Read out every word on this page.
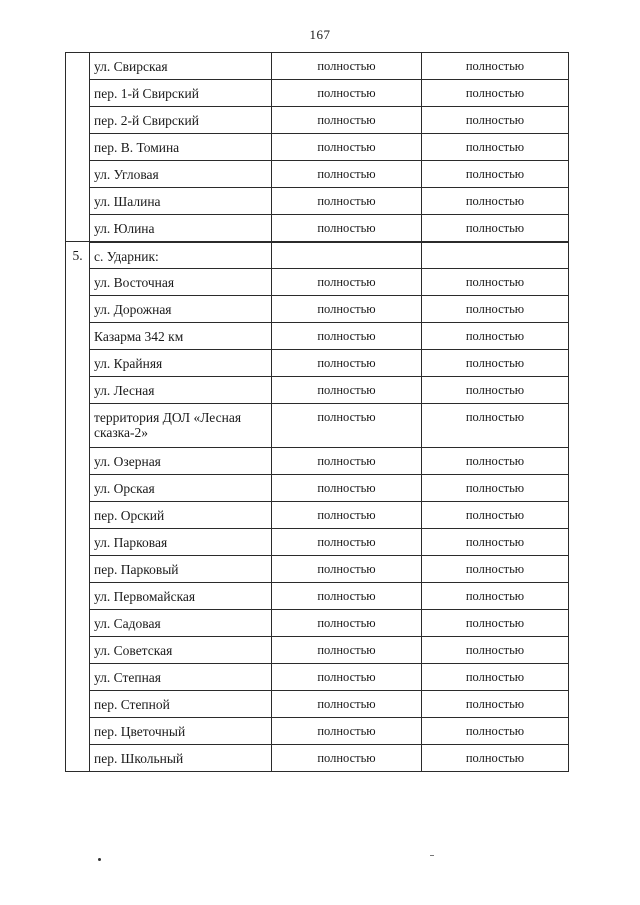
167
	ул. Свирская	полностью	полностью
	пер. 1-й Свирский	полностью	полностью
	пер. 2-й Свирский	полностью	полностью
	пер. В. Томина	полностью	полностью
	ул. Угловая	полностью	полностью
	ул. Шалина	полностью	полностью
	ул. Юлина	полностью	полностью
5.	с. Ударник:		
	ул. Восточная	полностью	полностью
	ул. Дорожная	полностью	полностью
	Казарма 342 км	полностью	полностью
	ул. Крайняя	полностью	полностью
	ул. Лесная	полностью	полностью
	территория ДОЛ «Лесная сказка-2»	полностью	полностью
	ул. Озерная	полностью	полностью
	ул. Орская	полностью	полностью
	пер. Орский	полностью	полностью
	ул. Парковая	полностью	полностью
	пер. Парковый	полностью	полностью
	ул. Первомайская	полностью	полностью
	ул. Садовая	полностью	полностью
	ул. Советская	полностью	полностью
	ул. Степная	полностью	полностью
	пер. Степной	полностью	полностью
	пер. Цветочный	полностью	полностью
	пер. Школьный	полностью	полностью
